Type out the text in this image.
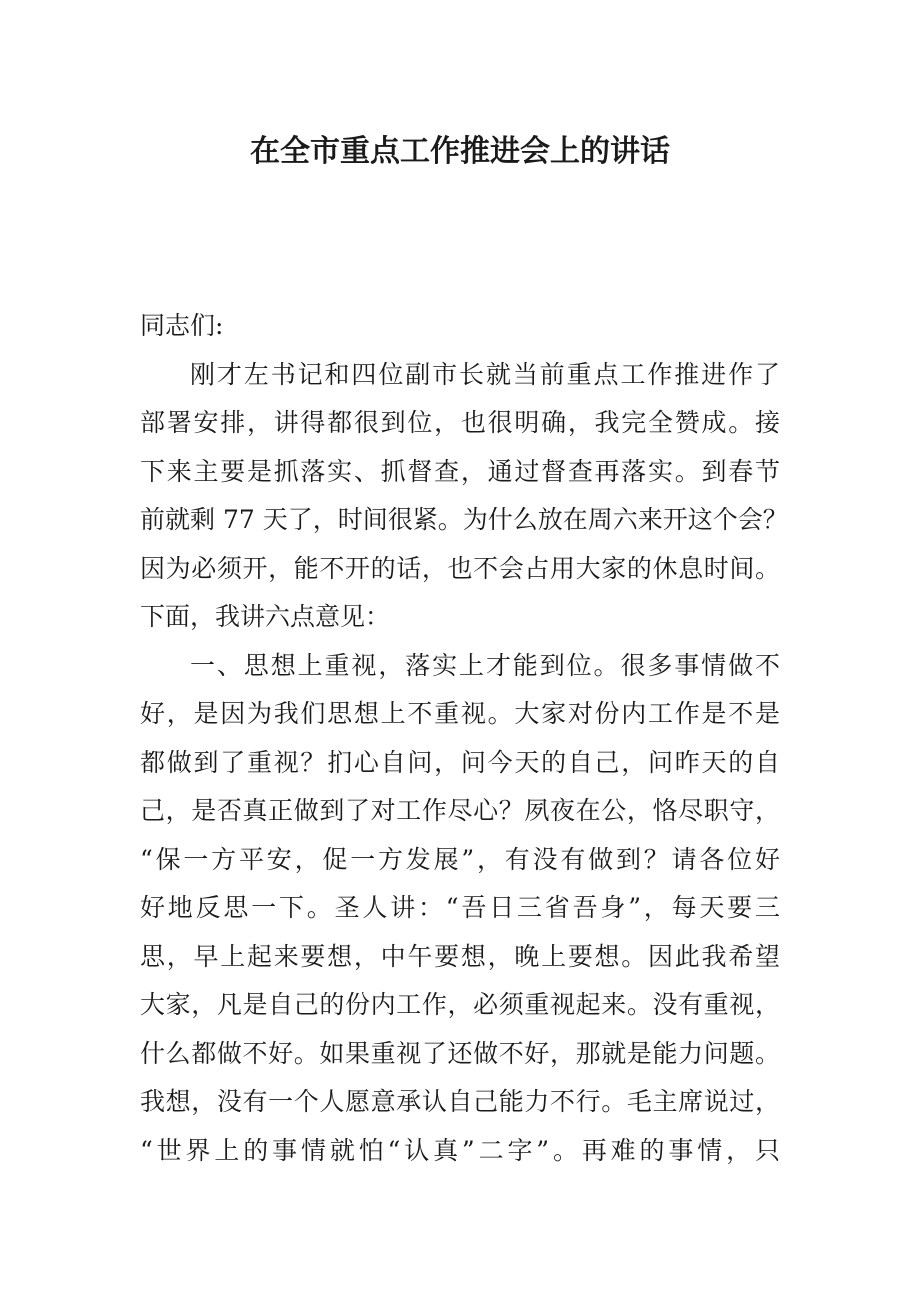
在全市重点工作推进会上的讲话
同志们:
刚才左书记和四位副市长就当前重点工作推进作了
部署安排，讲得都很到位，也很明确，我完全赞成。接
下来主要是抓落实、抓督查，通过督查再落实。到春节
前就剩 77 天了，时间很紧。为什么放在周六来开这个会？
因为必须开，能不开的话，也不会占用大家的休息时间。
下面，我讲六点意见：
一、思想上重视，落实上才能到位。很多事情做不
好，是因为我们思想上不重视。大家对份内工作是不是
都做到了重视？扪心自问，问今天的自己，问昨天的自
己，是否真正做到了对工作尽心？夙夜在公，恪尽职守，
“保一方平安，促一方发展”，有没有做到？请各位好
好地反思一下。圣人讲：“吾日三省吾身”，每天要三
思，早上起来要想，中午要想，晚上要想。因此我希望
大家，凡是自己的份内工作，必须重视起来。没有重视，
什么都做不好。如果重视了还做不好，那就是能力问题。
我想，没有一个人愿意承认自己能力不行。毛主席说过，
“世界上的事情就怕“认真”二字”。再难的事情，只
